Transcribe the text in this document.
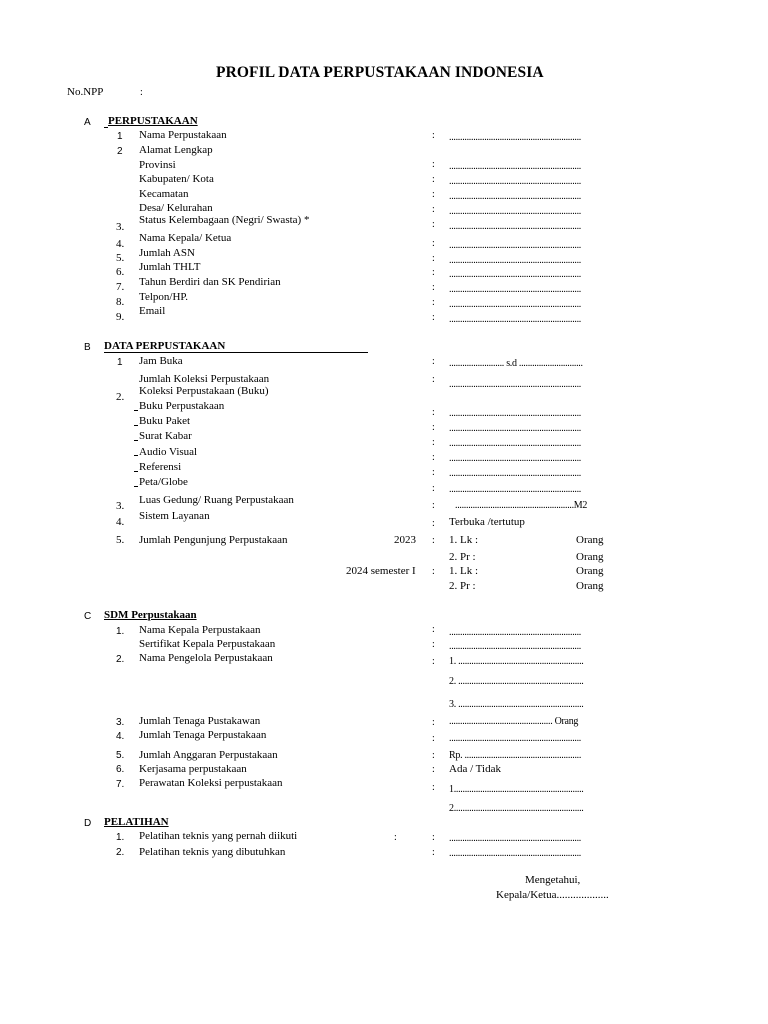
PROFIL DATA PERPUSTAKAAN INDONESIA
No.NPP	:
A PERPUSTAKAAN
1 Nama Perpustakaan	: ............................................................
2 Alamat Lengkap
Provinsi	: ............................................................
Kabupaten/ Kota	: ............................................................
Kecamatan	: ............................................................
Desa/ Kelurahan	: ............................................................
Status Kelembagaan (Negri/ Swasta) *
3.	: ............................................................
Nama Kepala/ Ketua
4.	: ............................................................
Jumlah ASN
5.	: ............................................................
Jumlah THLT
6.	: ............................................................
Tahun Berdiri dan SK Pendirian
7.	: ............................................................
Telpon/HP.
8.	: ............................................................
Email
9.	: ............................................................
B DATA PERPUSTAKAAN
1 Jam Buka	: ......................... s.d .............................
Jumlah Koleksi Perpustakaan	: ............................................................
Koleksi Perpustakaan (Buku)
2.
Buku Perpustakaan
: ............................................................
Buku Paket
: ............................................................
Surat Kabar
: ............................................................
Audio Visual	: ............................................................
Referensi	: ............................................................
Peta/Globe
: ............................................................
Luas Gedung/ Ruang Perpustakaan
3.	: ......................................................M2
Sistem Layanan
4.	: Terbuka /tertutup
5. Jumlah Pengunjung Perpustakaan	2023 : 1. Lk :	Orang
2. Pr :	Orang
2024 semester I : 1. Lk :	Orang
2. Pr :	Orang
C SDM Perpustakaan
1. Nama Kepala Perpustakaan	: ............................................................
Sertifikat Kepala Perpustakaan	: ............................................................
2. Nama Pengelola Perpustakaan	: 1. .........................................................
2. .........................................................
3. .........................................................
3. Jumlah Tenaga Pustakawan	: ............................................... Orang
4. Jumlah Tenaga Perpustakaan	: ............................................................
5. Jumlah Anggaran Perpustakaan	: Rp. .....................................................
6. Kerjasama perpustakaan	: Ada / Tidak
7. Perawatan Koleksi perpustakaan	: 1...........................................................
2...........................................................
D PELATIHAN
1. Pelatihan teknis yang pernah diikuti	:	: ............................................................
2. Pelatihan teknis yang dibutuhkan	: ............................................................
Mengetahui,
Kepala/Ketua...................
